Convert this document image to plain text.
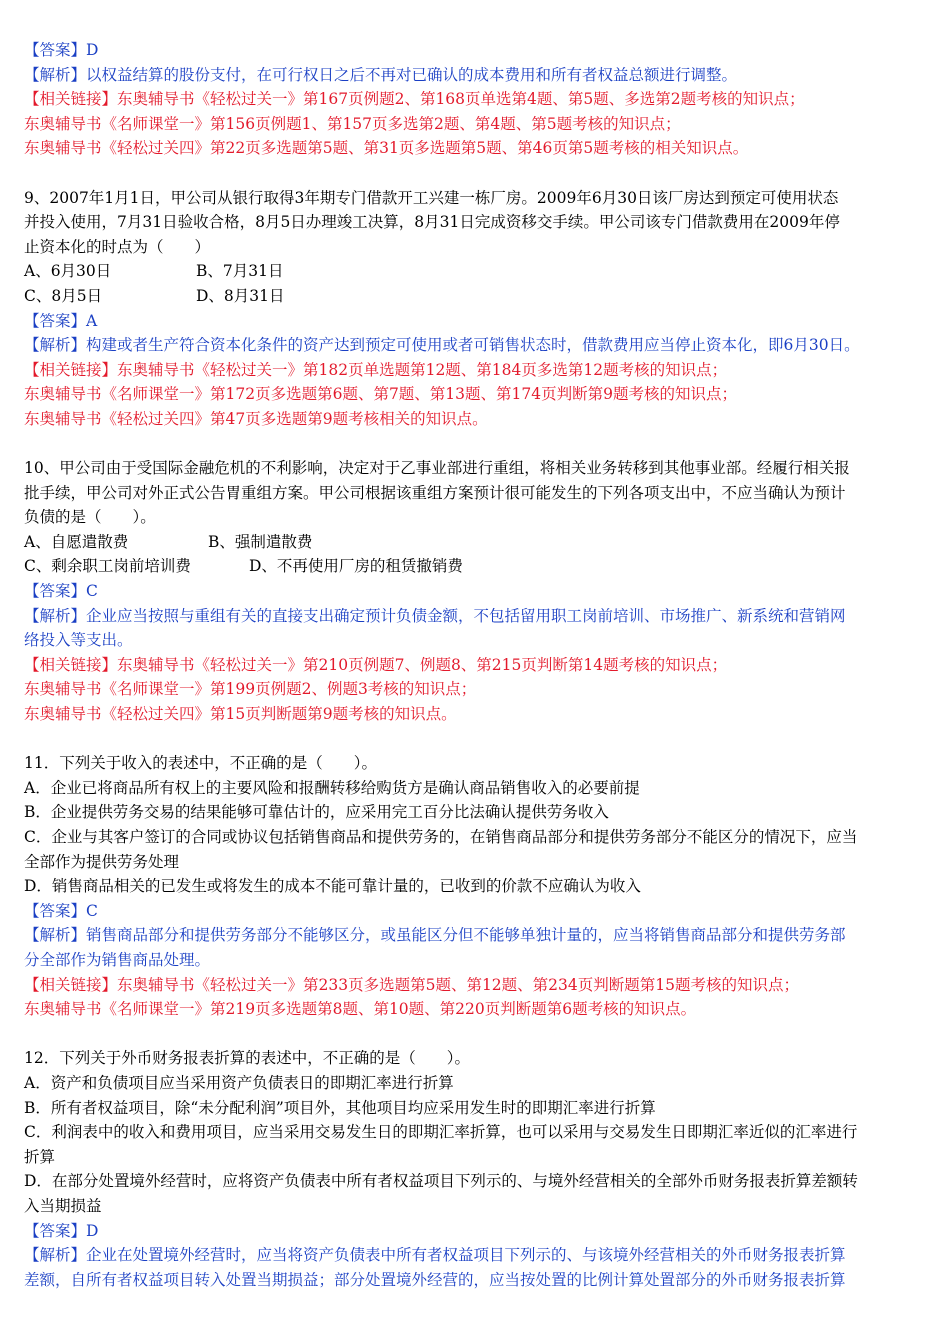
【答案】D

【解析】以权益结算的股份支付，在可行权日之后不再对已确认的成本费用和所有者权益总额进行调整。

【相关链接】东奥辅导书《轻松过关一》第167页例题2、第168页单选第4题、第5题、多选第2题考核的知识点；

东奥辅导书《名师课堂一》第156页例题1、第157页多选第2题、第4题、第5题考核的知识点；

东奥辅导书《轻松过关四》第22页多选题第5题、第31页多选题第5题、第46页第5题考核的相关知识点。

9、2007年1月1日，甲公司从银行取得3年期专门借款开工兴建一栋厂房。2009年6月30日该厂房达到预定可使用状态

并投入使用，7月31日验收合格，8月5日办理竣工决算，8月31日完成资移交手续。甲公司该专门借款费用在2009年停

止资本化的时点为（　　）

A、6月30日	B、7月31日
C、8月5日	D、8月31日

【答案】A

【解析】构建或者生产符合资本化条件的资产达到预定可使用或者可销售状态时，借款费用应当停止资本化，即6月30日。

【相关链接】东奥辅导书《轻松过关一》第182页单选题第12题、第184页多选第12题考核的知识点；

东奥辅导书《名师课堂一》第172页多选题第6题、第7题、第13题、第174页判断第9题考核的知识点；

东奥辅导书《轻松过关四》第47页多选题第9题考核相关的知识点。

10、甲公司由于受国际金融危机的不利影响，决定对于乙事业部进行重组，将相关业务转移到其他事业部。经履行相关报

批手续，甲公司对外正式公告胃重组方案。甲公司根据该重组方案预计很可能发生的下列各项支出中，不应当确认为预计

负债的是（　　）。

A、自愿遣散费	B、强制遣散费
C、剩余职工岗前培训费	D、不再使用厂房的租赁撤销费

【答案】C

【解析】企业应当按照与重组有关的直接支出确定预计负债金额，不包括留用职工岗前培训、市场推广、新系统和营销网

络投入等支出。

【相关链接】东奥辅导书《轻松过关一》第210页例题7、例题8、第215页判断第14题考核的知识点；

东奥辅导书《名师课堂一》第199页例题2、例题3考核的知识点；

东奥辅导书《轻松过关四》第15页判断题第9题考核的知识点。

11．下列关于收入的表述中，不正确的是（　　）。

A．企业已将商品所有权上的主要风险和报酬转移给购货方是确认商品销售收入的必要前提

B．企业提供劳务交易的结果能够可靠估计的，应采用完工百分比法确认提供劳务收入

C．企业与其客户签订的合同或协议包括销售商品和提供劳务的，在销售商品部分和提供劳务部分不能区分的情况下，应当

全部作为提供劳务处理

D．销售商品相关的已发生或将发生的成本不能可靠计量的，已收到的价款不应确认为收入

【答案】C

【解析】销售商品部分和提供劳务部分不能够区分，或虽能区分但不能够单独计量的，应当将销售商品部分和提供劳务部

分全部作为销售商品处理。

【相关链接】东奥辅导书《轻松过关一》第233页多选题第5题、第12题、第234页判断题第15题考核的知识点；

东奥辅导书《名师课堂一》第219页多选题第8题、第10题、第220页判断题第6题考核的知识点。

12．下列关于外币财务报表折算的表述中，不正确的是（　　）。

A．资产和负债项目应当采用资产负债表日的即期汇率进行折算

B．所有者权益项目，除“未分配利润”项目外，其他项目均应采用发生时的即期汇率进行折算

C．利润表中的收入和费用项目，应当采用交易发生日的即期汇率折算，也可以采用与交易发生日即期汇率近似的汇率进行

折算

D．在部分处置境外经营时，应将资产负债表中所有者权益项目下列示的、与境外经营相关的全部外币财务报表折算差额转

入当期损益

【答案】D

【解析】企业在处置境外经营时，应当将资产负债表中所有者权益项目下列示的、与该境外经营相关的外币财务报表折算

差额，自所有者权益项目转入处置当期损益；部分处置境外经营的，应当按处置的比例计算处置部分的外币财务报表折算
